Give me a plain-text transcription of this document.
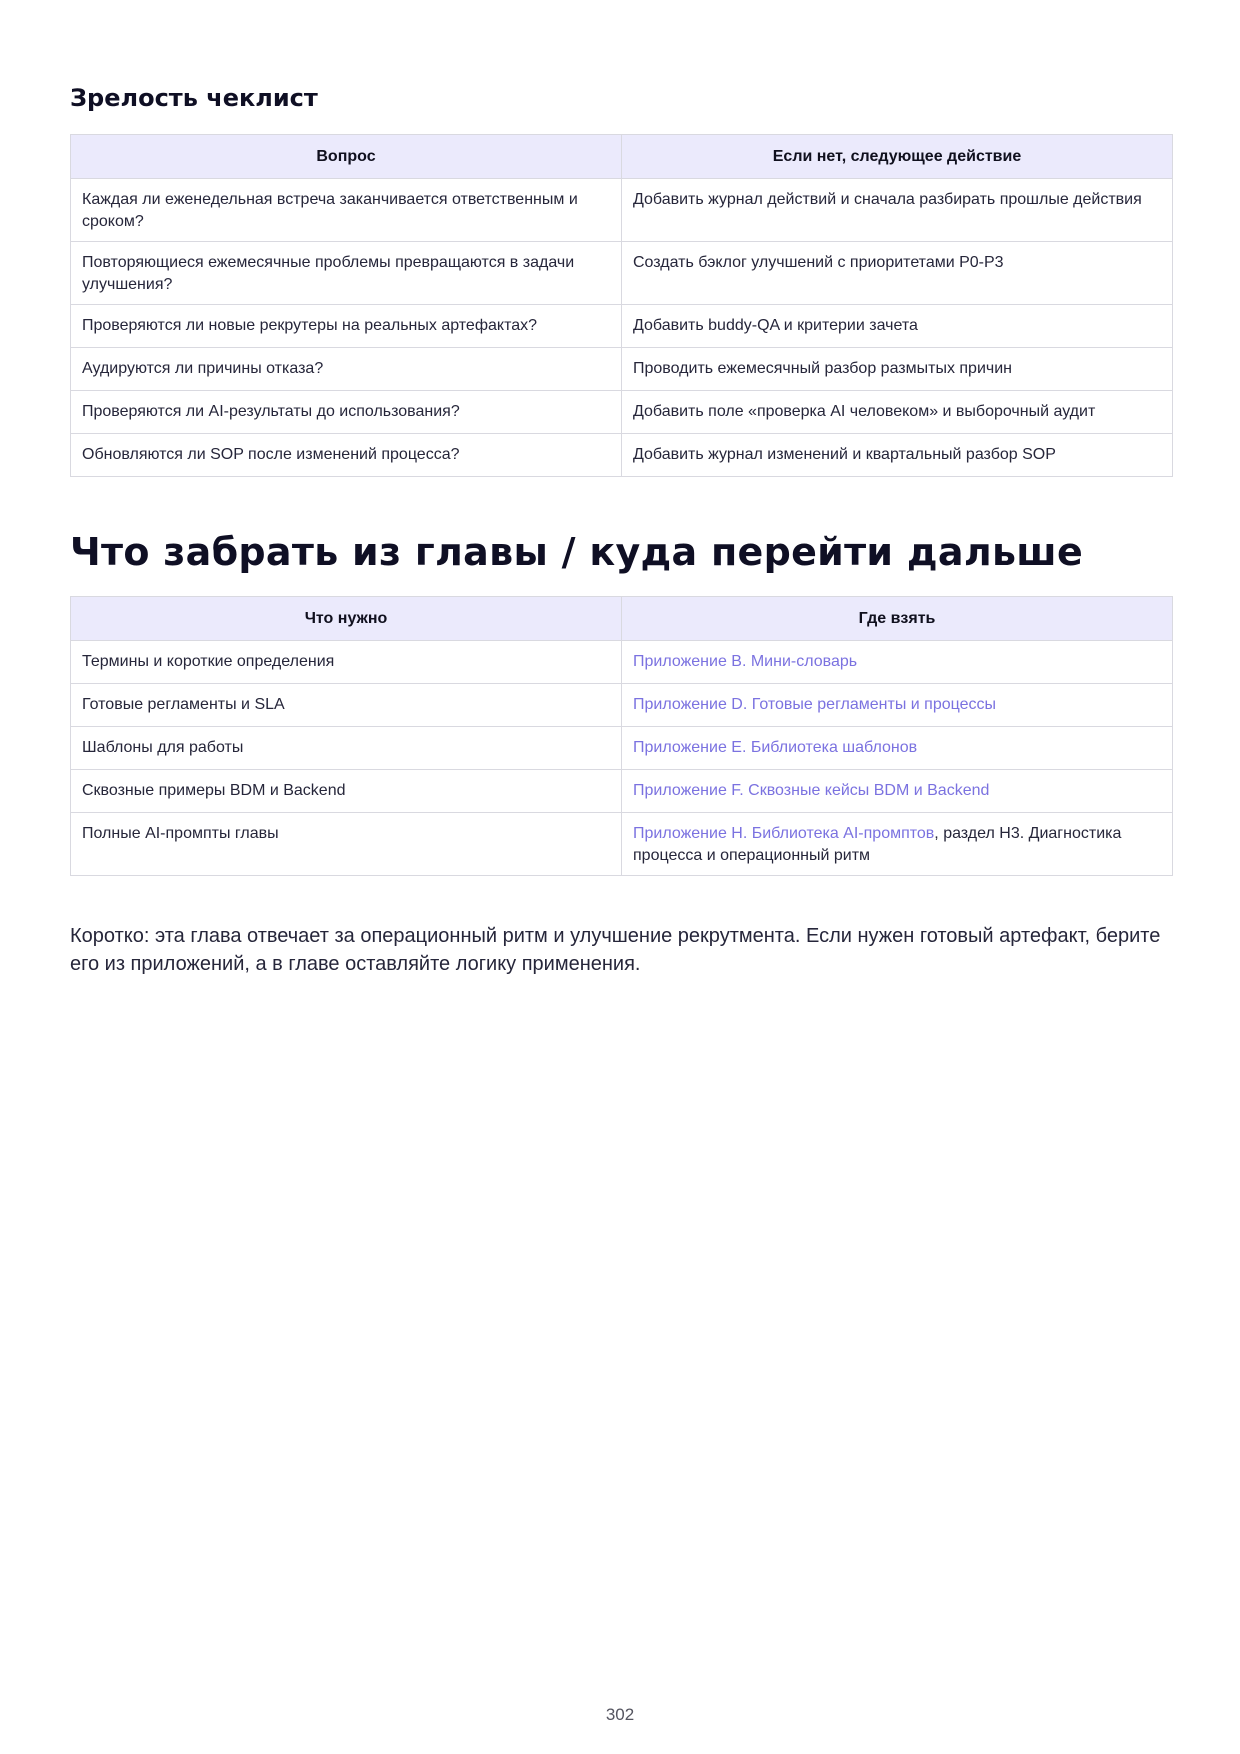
Зрелость чеклист
Вопрос	Если нет, следующее действие
Каждая ли еженедельная встреча заканчивается ответственным и сроком?	Добавить журнал действий и сначала разбирать прошлые действия
Повторяющиеся ежемесячные проблемы превращаются в задачи улучшения?	Создать бэклог улучшений с приоритетами P0-P3
Проверяются ли новые рекрутеры на реальных артефактах?	Добавить buddy-QA и критерии зачета
Аудируются ли причины отказа?	Проводить ежемесячный разбор размытых причин
Проверяются ли AI-результаты до использования?	Добавить поле «проверка AI человеком» и выборочный аудит
Обновляются ли SOP после изменений процесса?	Добавить журнал изменений и квартальный разбор SOP
Что забрать из главы / куда перейти дальше
Что нужно	Где взять
Термины и короткие определения	Приложение B. Мини-словарь
Готовые регламенты и SLA	Приложение D. Готовые регламенты и процессы
Шаблоны для работы	Приложение E. Библиотека шаблонов
Сквозные примеры BDM и Backend	Приложение F. Сквозные кейсы BDM и Backend
Полные AI-промпты главы	Приложение H. Библиотека AI-промптов, раздел H3. Диагностика процесса и операционный ритм

Коротко: эта глава отвечает за операционный ритм и улучшение рекрутмента. Если нужен готовый артефакт, берите его из приложений, а в главе оставляйте логику применения.

302
